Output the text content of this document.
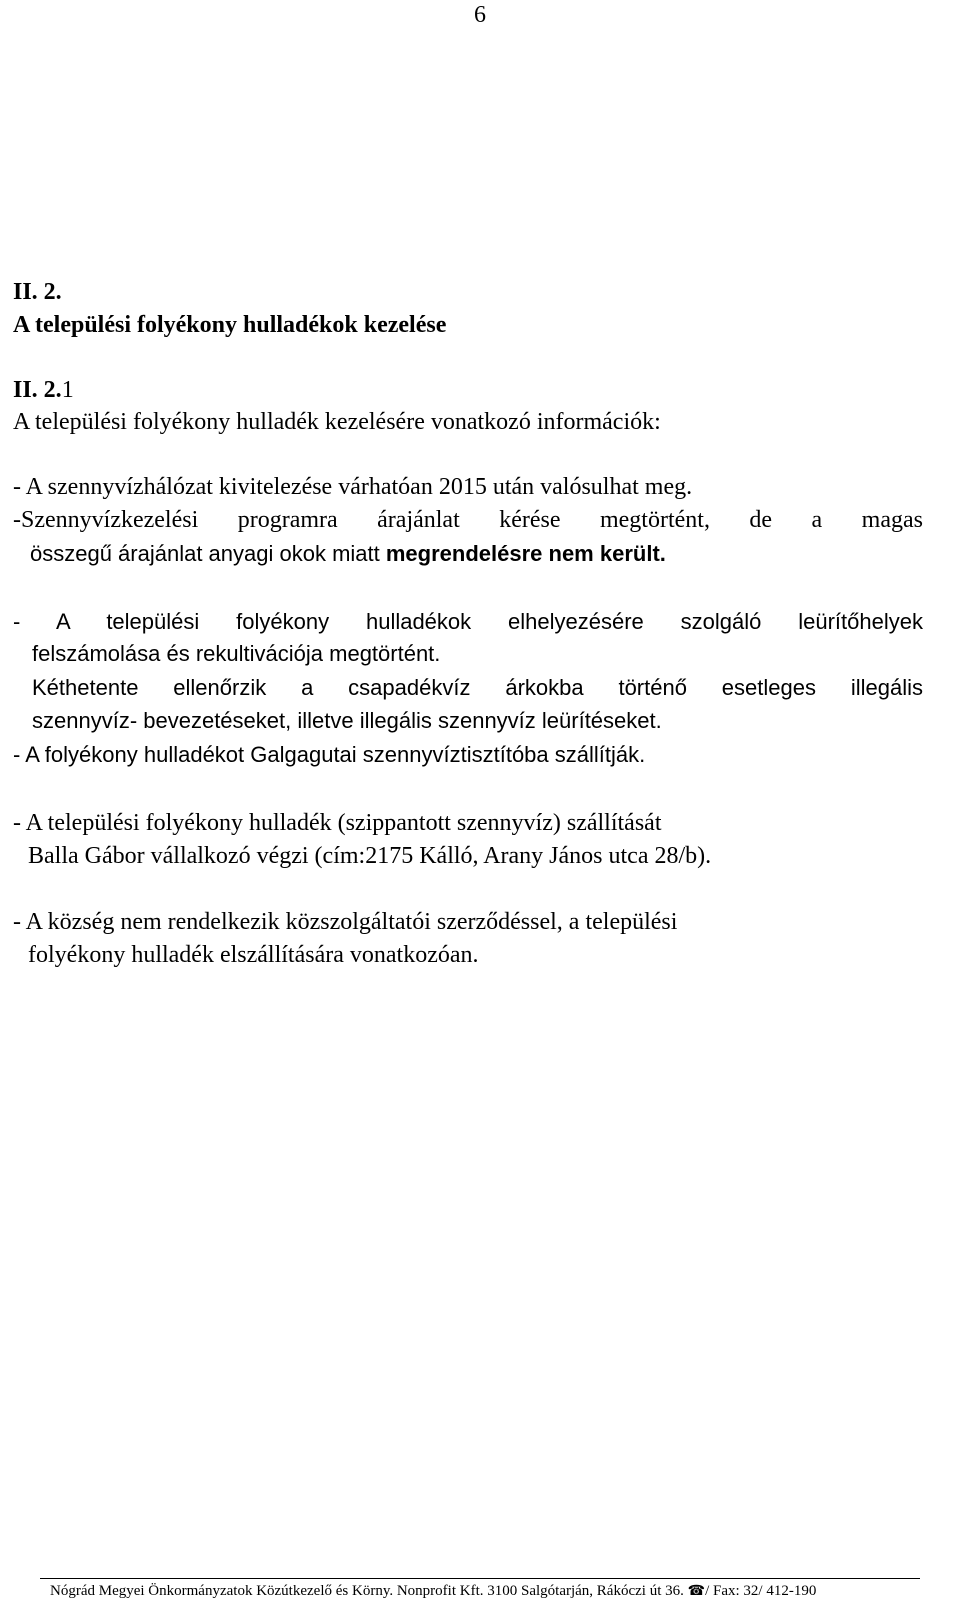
6
II. 2.
A települési folyékony hulladékok kezelése
II. 2.1
A települési folyékony hulladék kezelésére vonatkozó információk:
- A szennyvízhálózat kivitelezése várhatóan 2015 után valósulhat meg.
-Szennyvízkezelési programra árajánlat kérése megtörtént, de a magas
összegű árajánlat anyagi okok miatt megrendelésre nem került.
- A települési folyékony hulladékok elhelyezésére szolgáló leürítőhelyek
felszámolása és rekultivációja megtörtént.
Kéthetente ellenőrzik a csapadékvíz árkokba történő esetleges illegális
szennyvíz- bevezetéseket, illetve illegális szennyvíz leürítéseket.
- A folyékony hulladékot Galgagutai szennyvíztisztítóba szállítják.
- A települési folyékony hulladék (szippantott szennyvíz) szállítását
Balla Gábor vállalkozó végzi (cím:2175 Kálló, Arany János utca 28/b).
- A község nem rendelkezik közszolgáltatói szerződéssel, a települési
folyékony hulladék elszállítására vonatkozóan.
Nógrád Megyei Önkormányzatok Közútkezelő és Körny. Nonprofit Kft. 3100 Salgótarján, Rákóczi út 36. ☎/ Fax: 32/ 412-190
